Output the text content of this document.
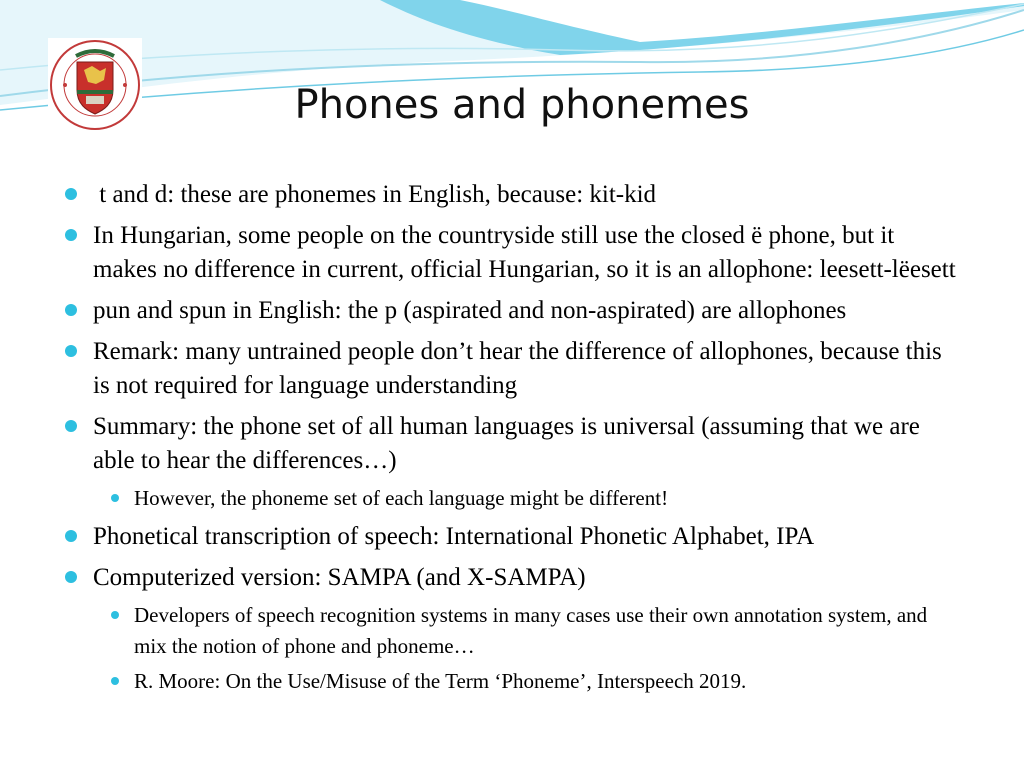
Phones and phonemes
t and d: these are phonemes in English, because: kit-kid
In Hungarian, some people on the countryside still use the closed ë phone, but it makes no difference in current, official Hungarian, so it is an allophone: leesett-lëesett
pun and spun in English: the p (aspirated and non-aspirated) are allophones
Remark: many untrained people don’t hear the difference of allophones, because this is not required for language understanding
Summary: the phone set of all human languages is universal (assuming that we are able to hear the differences…)
However, the phoneme set of each language might be different!
Phonetical transcription of speech: International Phonetic Alphabet, IPA
Computerized version: SAMPA (and X-SAMPA)
Developers of speech recognition systems in many cases use their own annotation system, and mix the notion of phone and phoneme…
R. Moore: On the Use/Misuse of the Term ‘Phoneme’, Interspeech 2019.
